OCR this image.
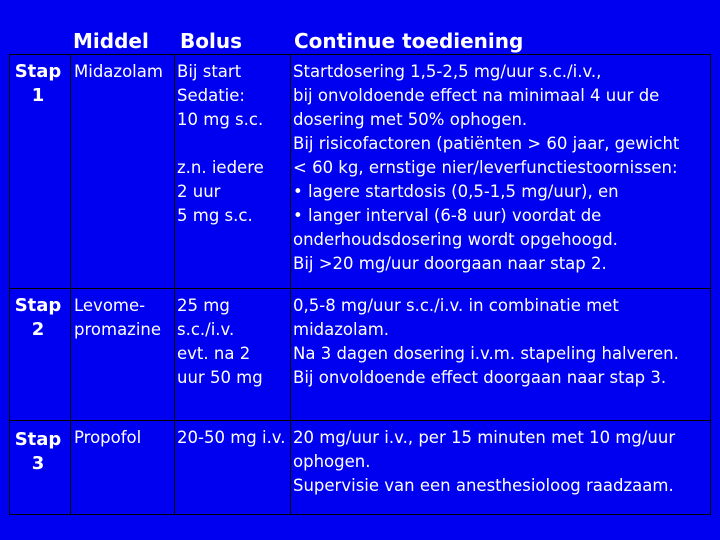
Middel Bolus	Continue toediening
Stap
1
Midazolam Bij start
Sedatie:
10 mg s.c.

z.n. iedere
2 uur
5 mg s.c.
Startdosering 1,5-2,5 mg/uur s.c./i.v.,
bij onvoldoende effect na minimaal 4 uur de
dosering met 50% ophogen.
Bij risicofactoren (patiënten > 60 jaar, gewicht
< 60 kg, ernstige nier/leverfunctiestoornissen:
• lagere startdosis (0,5-1,5 mg/uur), en
• langer interval (6-8 uur) voordat de
onderhoudsdosering wordt opgehoogd.
Bij >20 mg/uur doorgaan naar stap 2.
Stap
2
Levome-
promazine
25 mg
s.c./i.v.
evt. na 2
uur 50 mg
0,5-8 mg/uur s.c./i.v. in combinatie met
midazolam.
Na 3 dagen dosering i.v.m. stapeling halveren.
Bij onvoldoende effect doorgaan naar stap 3.
Stap
3
Propofol 20-50 mg i.v. 20 mg/uur i.v., per 15 minuten met 10 mg/uur
ophogen.
Supervisie van een anesthesioloog raadzaam.
